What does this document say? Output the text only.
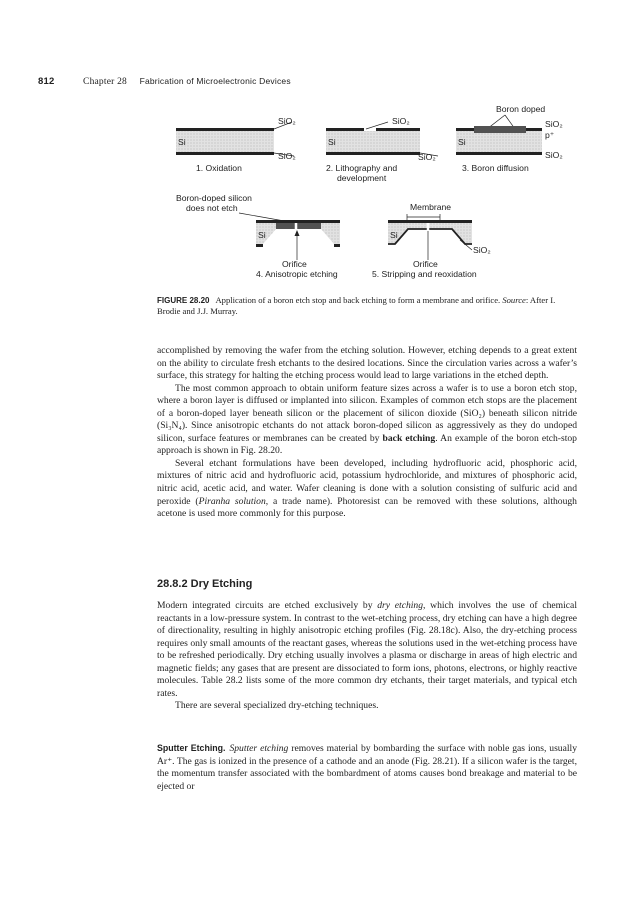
812	Chapter 28 Fabrication of Microelectronic Devices
SiO₂
Si
SiO₂
1. Oxidation
SiO₂
Si
SiO₂
2. Lithography and
development
Boron doped
SiO₂
p⁺
Si
SiO₂
3. Boron diffusion
Boron-doped silicon
does not etch
Si
Orifice
4. Anisotropic etching
Membrane
SiO₂
Si
Orifice
5. Stripping and reoxidation
FIGURE 28.20 Application of a boron etch stop and back etching to form a membrane and orifice. Source: After I. Brodie and J.J. Murray.

accomplished by removing the wafer from the etching solution. However, etching depends to a great extent on the ability to circulate fresh etchants to the desired locations. Since the circulation varies across a wafer’s surface, this strategy for halting the etching process would lead to large variations in the etched depth.

The most common approach to obtain uniform feature sizes across a wafer is to use a boron etch stop, where a boron layer is diffused or implanted into silicon. Examples of common etch stops are the placement of a boron-doped layer beneath silicon or the placement of silicon dioxide (SiO₂) beneath silicon nitride (Si₃N₄). Since anisotropic etchants do not attack boron-doped silicon as aggressively as they do undoped silicon, surface features or membranes can be created by back etching. An example of the boron etch-stop approach is shown in Fig. 28.20.

Several etchant formulations have been developed, including hydrofluoric acid, phosphoric acid, mixtures of nitric acid and hydrofluoric acid, potassium hydrochloride, and mixtures of phosphoric acid, nitric acid, acetic acid, and water. Wafer cleaning is done with a solution consisting of sulfuric acid and peroxide (Piranha solution, a trade name). Photoresist can be removed with these solutions, although acetone is used more commonly for this purpose.

28.8.2 Dry Etching

Modern integrated circuits are etched exclusively by dry etching, which involves the use of chemical reactants in a low-pressure system. In contrast to the wet-etching process, dry etching can have a high degree of directionality, resulting in highly anisotropic etching profiles (Fig. 28.18c). Also, the dry-etching process requires only small amounts of the reactant gases, whereas the solutions used in the wet-etching process have to be refreshed periodically. Dry etching usually involves a plasma or discharge in areas of high electric and magnetic fields; any gases that are present are dissociated to form ions, photons, electrons, or highly reactive molecules. Table 28.2 lists some of the more common dry etchants, their target materials, and typical etch rates.

There are several specialized dry-etching techniques.

Sputter Etching. Sputter etching removes material by bombarding the surface with noble gas ions, usually Ar⁺. The gas is ionized in the presence of a cathode and an anode (Fig. 28.21). If a silicon wafer is the target, the momentum transfer associated with the bombardment of atoms causes bond breakage and material to be ejected or
